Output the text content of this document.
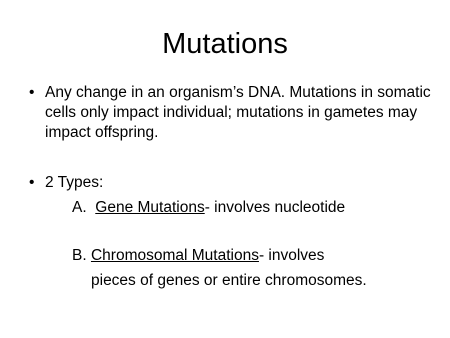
Mutations
• Any change in an organism’s DNA. Mutations in somatic cells only impact individual; mutations in gametes may impact offspring.
• 2 Types:
A. Gene Mutations- involves nucleotide
B. Chromosomal Mutations- involves
pieces of genes or entire chromosomes.
